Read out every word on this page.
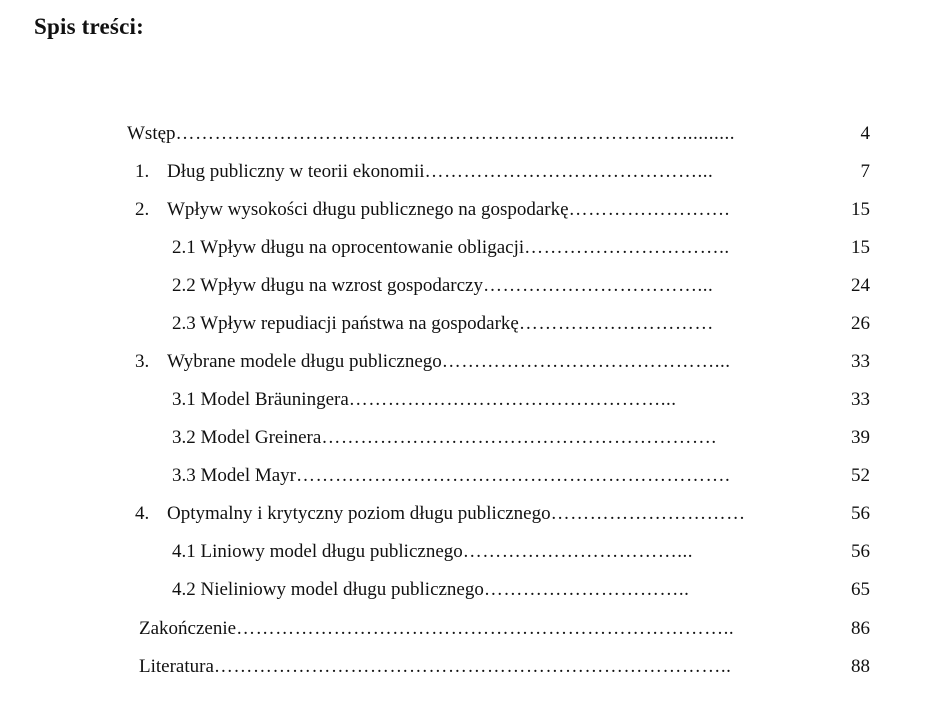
Spis treści:
Wstęp……………………………………………………………………..........	4
1. Dług publiczny w teorii ekonomii……………………………………...	7
2. Wpływ wysokości długu publicznego na gospodarkę…………………….	15
2.1 Wpływ długu na oprocentowanie obligacji…………………………..	15
2.2 Wpływ długu na wzrost gospodarczy……………………………...	24
2.3 Wpływ repudiacji państwa na gospodarkę…………………………	26
3. Wybrane modele długu publicznego……………………………………...	33
3.1 Model Bräuningera…………………………………………...	33
3.2 Model Greinera…………………………………………………….	39
3.3 Model Mayr………………………………………………………….	52
4. Optymalny i krytyczny poziom długu publicznego…………………………	56
4.1 Liniowy model długu publicznego……………………………...	56
4.2 Nieliniowy model długu publicznego…………………………..	65
Zakończenie…………………………………………………………………..	86
Literatura……………………………………………………………………..	88
